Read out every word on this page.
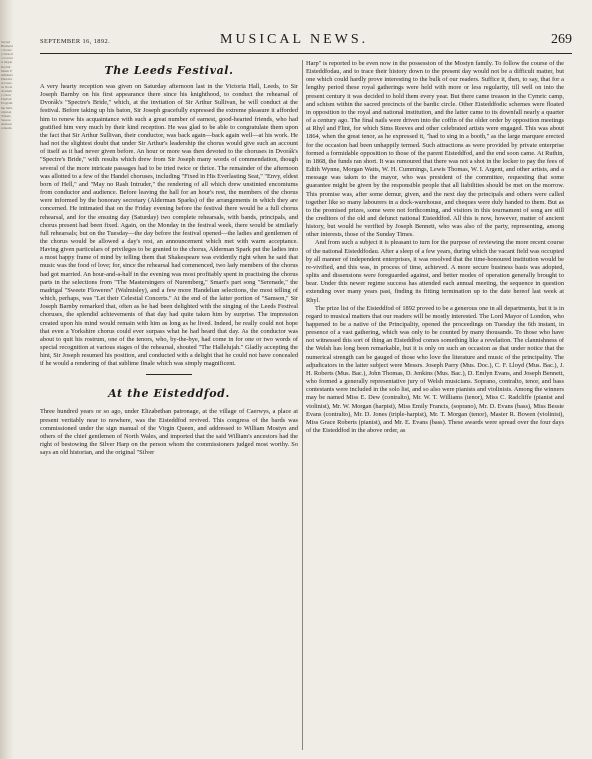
Sacred Harmonic Society Oratorio Concerts Organ Recital Music Publishers Pianoforte Lessons Vocal Academy Choir Festival Programme Subscription Tickets Season Announcements
SEPTEMBER 16, 1892.	MUSICAL NEWS.	269
The Leeds Festival.

A very hearty reception was given on Saturday afternoon last in the Victoria Hall, Leeds, to Sir Joseph Barnby on his first appearance there since his knighthood, to conduct the rehearsal of Dvorák's "Spectre's Bride," which, at the invitation of Sir Arthur Sullivan, he will conduct at the festival. Before taking up his baton, Sir Joseph gracefully expressed the extreme pleasure it afforded him to renew his acquaintance with such a great number of earnest, good-hearted friends, who had gratified him very much by their kind reception. He was glad to be able to congratulate them upon the fact that Sir Arthur Sullivan, their conductor, was back again—back again well—at his work. He had not the slightest doubt that under Sir Arthur's leadership the chorus would give such an account of itself as it had never given before. An hour or more was then devoted to the choruses in Dvorák's "Spectre's Bride," with results which drew from Sir Joseph many words of commendation, though several of the more intricate passages had to be tried twice or thrice. The remainder of the afternoon was allotted to a few of the Handel choruses, including "Fixed in His Everlasting Seat," "Envy, eldest born of Hell," and "May no Rash Intruder," the rendering of all which drew unstinted encomiums from conductor and audience. Before leaving the hall for an hour's rest, the members of the chorus were informed by the honorary secretary (Alderman Sparks) of the arrangements in which they are concerned. He intimated that on the Friday evening before the festival there would be a full chorus rehearsal, and for the ensuing day (Saturday) two complete rehearsals, with bands, principals, and chorus present had been fixed. Again, on the Monday in the festival week, there would be similarly full rehearsals; but on the Tuesday—the day before the festival opened—the ladies and gentlemen of the chorus would be allowed a day's rest, an announcement which met with warm acceptance. Having given particulars of privileges to be granted to the chorus, Alderman Spark put the ladies into a most happy frame of mind by telling them that Shakespeare was evidently right when he said that music was the food of love; for, since the rehearsal had commenced, two lady members of the chorus had got married. An hour-and-a-half in the evening was most profitably spent in practising the chorus parts in the selections from "The Mastersingers of Nuremberg," Smart's part song "Serenade," the madrigal "Sweete Floweres" (Walmisley), and a few more Handelian selections, the most telling of which, perhaps, was "Let their Celestial Concerts." At the end of the latter portion of "Samson," Sir Joseph Barnby remarked that, often as he had been delighted with the singing of the Leeds Festival choruses, the splendid achievements of that day had quite taken him by surprise. The impression created upon his mind would remain with him as long as he lived. Indeed, he really could not hope that even a Yorkshire chorus could ever surpass what he had heard that day. As the conductor was about to quit his rostrum, one of the tenors, who, by-the-bye, had come in for one or two words of special recognition at various stages of the rehearsal, shouted "The Hallelujah." Gladly accepting the hint, Sir Joseph resumed his position, and conducted with a delight that he could not have concealed if he would a rendering of that sublime finale which was simply magnificent.

At the Eisteddfod.

Three hundred years or so ago, under Elizabethan patronage, at the village of Caerwys, a place at present veritably near to nowhere, was the Eisteddfod revived. This congress of the bards was commissioned under the sign manual of the Virgin Queen, and addressed to William Mostyn and others of the chief gentlemen of North Wales, and imported that the said William's ancestors had the right of bestowing the Silver Harp on the person whom the commissioners judged most worthy. So says an old historian, and the original "Silver

Harp" is reported to be even now in the possession of the Mostyn family. To follow the course of the Eisteddfodau, and to trace their history down to the present day would not be a difficult matter, but one which could hardly prove interesting to the bulk of our readers. Suffice it, then, to say, that for a lengthy period these royal gatherings were held with more or less regularity, till well on into the present century it was decided to hold them every year. But there came treason in the Cymric camp, and schism within the sacred precincts of the bardic circle. Other Eisteddfodic schemes were floated in opposition to the royal and national institution, and the latter came to its downfall nearly a quarter of a century ago. The final nails were driven into the coffin of the older order by opposition meetings at Rhyl and Flint, for which Sims Reeves and other celebrated artists were engaged. This was about 1864, when the great tenor, as he expressed it, "had to sing in a booth," as the large marquee erected for the occasion had been unhappily termed. Such attractions as were provided by private enterprise formed a formidable opposition to those of the parent Eisteddfod, and the end soon came. At Ruthin, in 1868, the funds ran short. It was rumoured that there was not a shot in the locker to pay the fees of Edith Wynne, Morgan Watts, W. H. Cummings, Lewis Thomas, W. I. Argent, and other artists, and a message was taken to the mayor, who was president of the committee, requesting that some guarantee might be given by the responsible people that all liabilities should be met on the morrow. This promise was, after some demur, given, and the next day the principals and others were called together like so many labourers in a dock-warehouse, and cheques were duly handed to them. But as to the promised prizes, some were not forthcoming, and visitors in this tournament of song are still the creditors of the old and defunct national Eisteddfod. All this is now, however, matter of ancient history, but would be verified by Joseph Bennett, who was also of the party, representing, among other interests, those of the Sunday Times.

And from such a subject it is pleasant to turn for the purpose of reviewing the more recent course of the national Eisteddfodau. After a sleep of a few years, during which the vacant field was occupied by all manner of independent enterprises, it was resolved that the time-honoured institution would be re-vivified, and this was, in process of time, achieved. A more secure business basis was adopted, splits and dissensions were foreguarded against, and better modes of operation generally brought to bear. Under this newer regime success has attended each annual meeting, the sequence in question extending over many years past, finding its fitting termination up to the date hereof last week at Rhyl.

The prize list of the Eisteddfod of 1892 proved to be a generous one in all departments, but it is in regard to musical matters that our readers will be mostly interested. The Lord Mayor of London, who happened to be a native of the Principality, opened the proceedings on Tuesday the 6th instant, in presence of a vast gathering, which was only to be counted by many thousands. To those who have not witnessed this sort of thing an Eisteddfod comes something like a revelation. The clannishness of the Welsh has long been remarkable, but it is only on such an occasion as that under notice that the numerical strength can be gauged of those who love the literature and music of the principality. The adjudicators in the latter subject were Messrs. Joseph Parry (Mus. Doc.), C. F. Lloyd (Mus. Bac.), J. H. Roberts (Mus. Bac.), John Thomas, D. Jenkins (Mus. Bac.), D. Emlyn Evans, and Joseph Bennett, who formed a generally representative jury of Welsh musicians. Soprano, contralto, tenor, and bass contestants were included in the solo list, and so also were pianists and violinists. Among the winners may be named Miss E. Dew (contralto), Mr. W. T. Williams (tenor), Miss C. Radcliffe (pianist and violinist), Mr. W. Morgan (harpist), Miss Emily Francis, (soprano), Mr. D. Evans (bass), Miss Bessie Evans (contralto), Mr. D. Jones (triple-harpist), Mr. T. Morgan (tenor), Master R. Bowen (violinist), Miss Grace Roberts (pianist), and Mr. E. Evans (bass). These awards were spread over the four days of the Eisteddfod in the above order, as
